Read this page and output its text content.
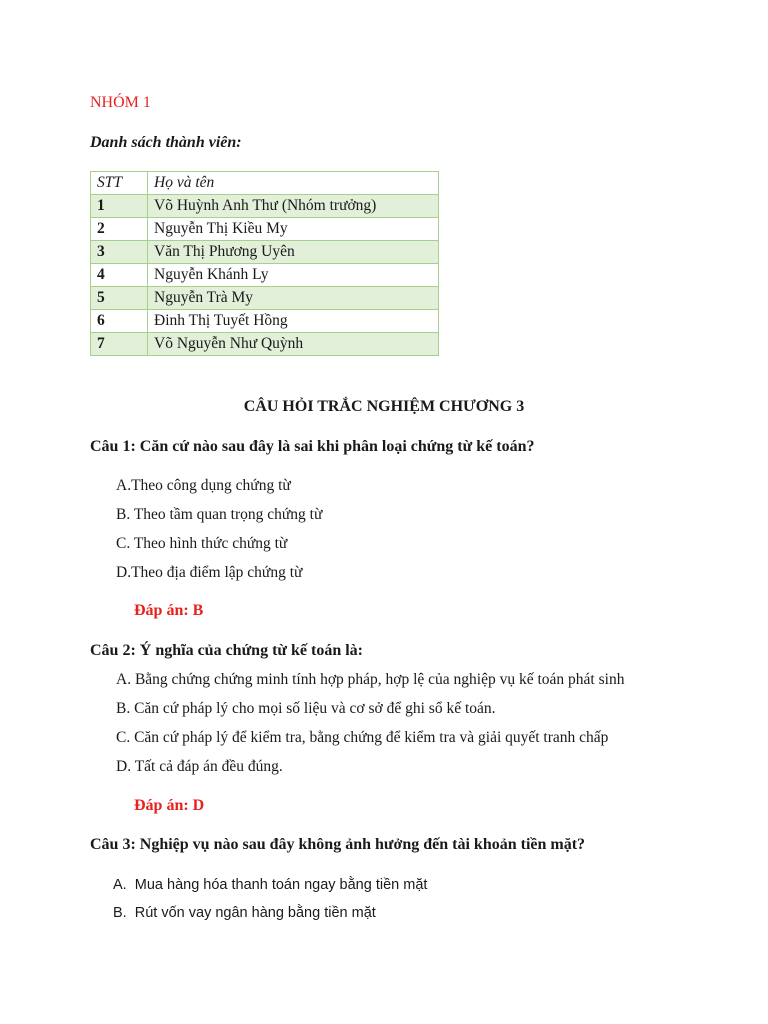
NHÓM 1
Danh sách thành viên:
STT	Họ và tên
1	Võ Huỳnh Anh Thư (Nhóm trưởng)
2	Nguyễn Thị Kiều My
3	Văn Thị Phương Uyên
4	Nguyễn Khánh Ly
5	Nguyễn Trà My
6	Đinh Thị Tuyết Hồng
7	Võ Nguyễn Như Quỳnh
CÂU HỎI TRẮC NGHIỆM CHƯƠNG 3
Câu 1: Căn cứ nào sau đây là sai khi phân loại chứng từ kế toán?
A.Theo công dụng chứng từ
B. Theo tầm quan trọng chứng từ
C. Theo hình thức chứng từ
D.Theo địa điểm lập chứng từ
Đáp án: B
Câu 2: Ý nghĩa của chứng từ kế toán là:
A. Bằng chứng chứng minh tính hợp pháp, hợp lệ của nghiệp vụ kế toán phát sinh
B. Căn cứ pháp lý cho mọi số liệu và cơ sở để ghi sổ kế toán.
C. Căn cứ pháp lý để kiểm tra, bằng chứng để kiểm tra và giải quyết tranh chấp
D. Tất cả đáp án đều đúng.
Đáp án: D
Câu 3: Nghiệp vụ nào sau đây không ảnh hưởng đến tài khoản tiền mặt?
A. Mua hàng hóa thanh toán ngay bằng tiền mặt
B. Rút vốn vay ngân hàng bằng tiền mặt
